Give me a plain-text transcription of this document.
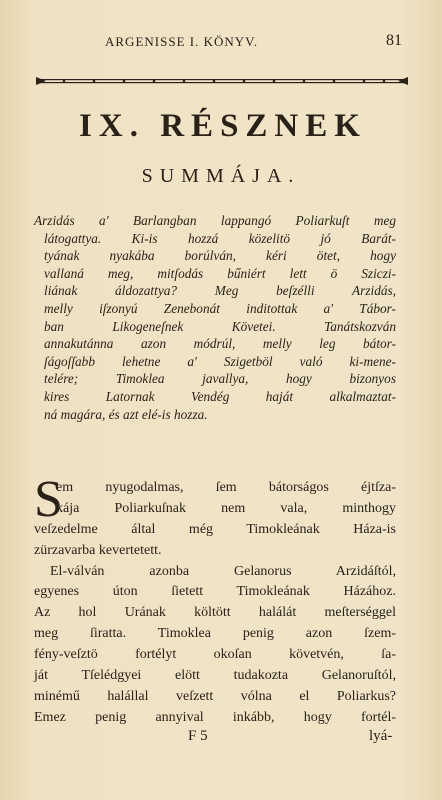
ARGENISSE I. KÖNYV.	81
IX. RÉSZNEK
SUMMÁJA.
Arzidás a' Barlangban lappangó Poliarkuſt meg
látogattya. Ki-is hozzá közelitö jó Barát-
tyának nyakába borúlván, kéri ötet, hogy
vallaná meg, mitſodás bűniért lett ö Sziczi-
liának áldozattya? Meg beſzélli Arzidás,
melly iſzonyú Zenebonát inditottak a' Tábor-
ban Likogeneſnek Követei. Tanátskozván
annakutánna azon módrúl, melly leg bátor-
ſágoſſabb lehetne a' Szigetböl való ki-mene-
telére; Timoklea javallya, hogy bizonyos
kires Latornak Vendég haját alkalmaztat-
ná magára, és azt elé-is hozza.
S
em nyugodalmas, ſem bátorságos éjtſza-
kája Poliarkuſnak nem vala, minthogy
veſzedelme által még Timokleának Háza-is
zürzavarba kevertetett.
El-válván azonba Gelanorus Arzidáſtól,
egyenes úton ſietett Timokleának Házához.
Az hol Urának költött halálát meſterséggel
meg ſiratta. Timoklea penig azon ſzem-
fény-veſztö fortélyt okoſan követvén, ſa-
ját Tſelédgyei elött tudakozta Gelanoruſtól,
minémű halállal veſzett vólna el Poliarkus?
Emez penig annyival inkább, hogy fortél-
F 5	lyá-
